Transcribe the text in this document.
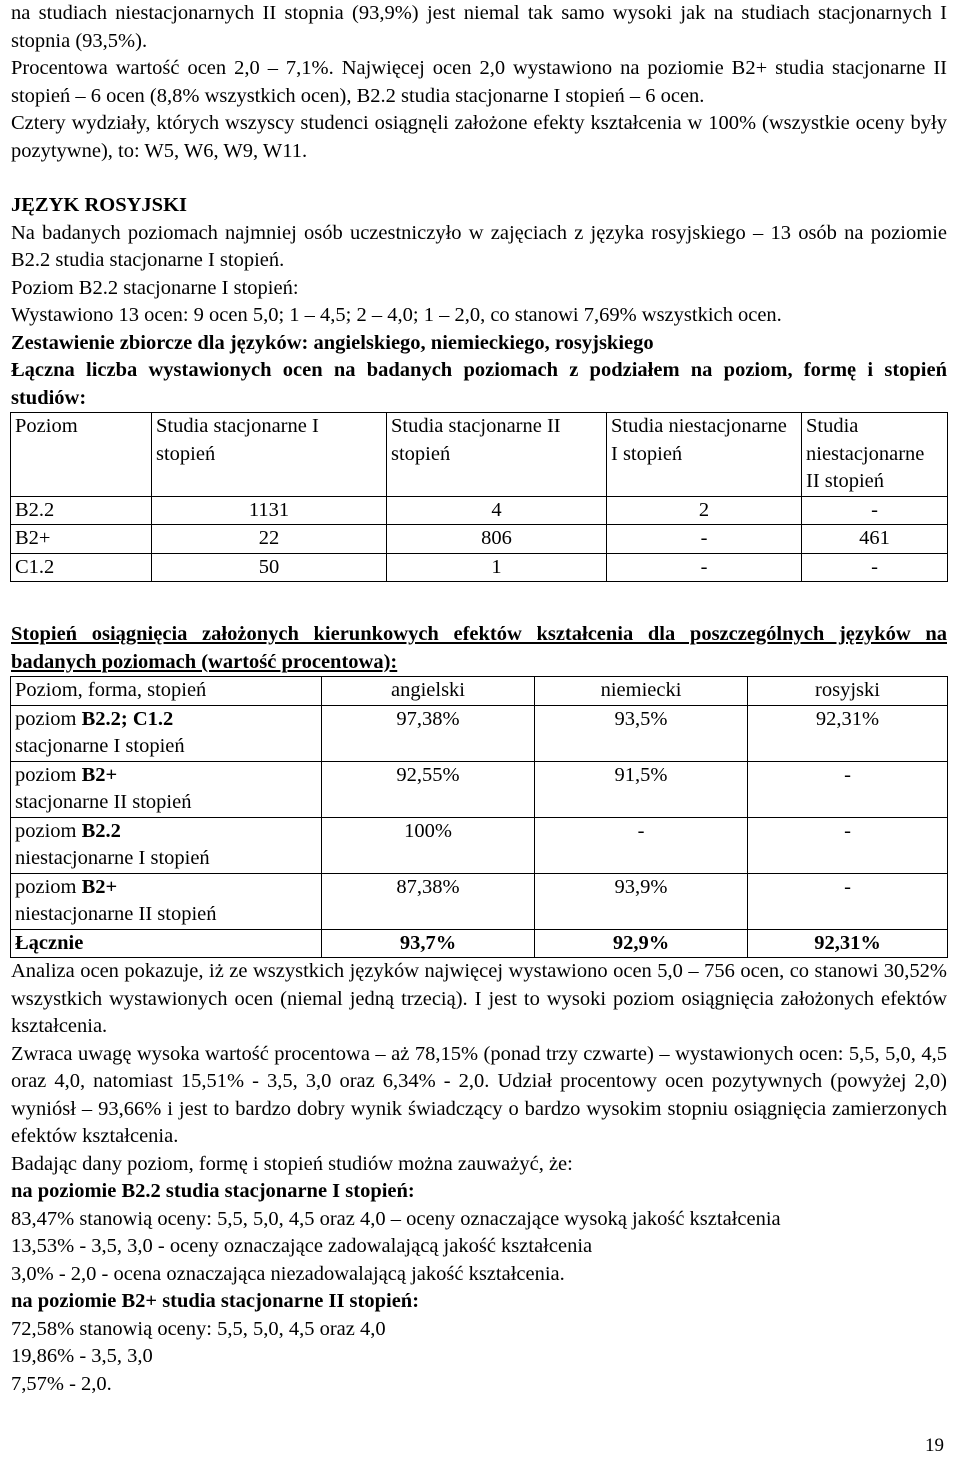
na studiach niestacjonarnych II stopnia (93,9%) jest niemal tak samo wysoki jak na studiach stacjonarnych I stopnia (93,5%).

Procentowa wartość ocen 2,0 – 7,1%. Najwięcej ocen 2,0 wystawiono na poziomie B2+ studia stacjonarne II stopień – 6 ocen (8,8% wszystkich ocen), B2.2 studia stacjonarne I stopień – 6 ocen.

Cztery wydziały, których wszyscy studenci osiągnęli założone efekty kształcenia w 100% (wszystkie oceny były pozytywne), to: W5, W6, W9, W11.

JĘZYK ROSYJSKI

Na badanych poziomach najmniej osób uczestniczyło w zajęciach z języka rosyjskiego – 13 osób na poziomie B2.2 studia stacjonarne I stopień.

Poziom B2.2 stacjonarne I stopień:

Wystawiono 13 ocen: 9 ocen 5,0; 1 – 4,5; 2 – 4,0; 1 – 2,0, co stanowi 7,69% wszystkich ocen.

Zestawienie zbiorcze dla języków: angielskiego, niemieckiego, rosyjskiego

Łączna liczba wystawionych ocen na badanych poziomach z podziałem na poziom, formę i stopień studiów:

Poziom	Studia stacjonarne I stopień	Studia stacjonarne II stopień	Studia niestacjonarne I stopień	Studia niestacjonarne II stopień
B2.2	1131	4	2	-
B2+	22	806	-	461
C1.2	50	1	-	-

Stopień osiągnięcia założonych kierunkowych efektów kształcenia dla poszczególnych języków na badanych poziomach (wartość procentowa):

Poziom, forma, stopień	angielski	niemiecki	rosyjski
poziom B2.2; C1.2
stacjonarne I stopień	97,38%	93,5%	92,31%
poziom B2+
stacjonarne II stopień	92,55%	91,5%	-
poziom B2.2
niestacjonarne I stopień	100%	-	-
poziom B2+
niestacjonarne II stopień	87,38%	93,9%	-
Łącznie	93,7%	92,9%	92,31%

Analiza ocen pokazuje, iż ze wszystkich języków najwięcej wystawiono ocen 5,0 – 756 ocen, co stanowi 30,52% wszystkich wystawionych ocen (niemal jedną trzecią). I jest to wysoki poziom osiągnięcia założonych efektów kształcenia.

Zwraca uwagę wysoka wartość procentowa – aż 78,15% (ponad trzy czwarte) – wystawionych ocen: 5,5, 5,0, 4,5 oraz 4,0, natomiast 15,51% - 3,5, 3,0 oraz 6,34% - 2,0. Udział procentowy ocen pozytywnych (powyżej 2,0) wyniósł – 93,66% i jest to bardzo dobry wynik świadczący o bardzo wysokim stopniu osiągnięcia zamierzonych efektów kształcenia.

Badając dany poziom, formę i stopień studiów można zauważyć, że:

na poziomie B2.2 studia stacjonarne I stopień:

83,47% stanowią oceny: 5,5, 5,0, 4,5 oraz 4,0 – oceny oznaczające wysoką jakość kształcenia

13,53% - 3,5, 3,0 - oceny oznaczające zadowalającą jakość kształcenia

3,0% - 2,0 - ocena oznaczająca niezadowalającą jakość kształcenia.

na poziomie B2+ studia stacjonarne II stopień:

72,58% stanowią oceny: 5,5, 5,0, 4,5 oraz 4,0

19,86% - 3,5, 3,0

7,57% - 2,0.

19
